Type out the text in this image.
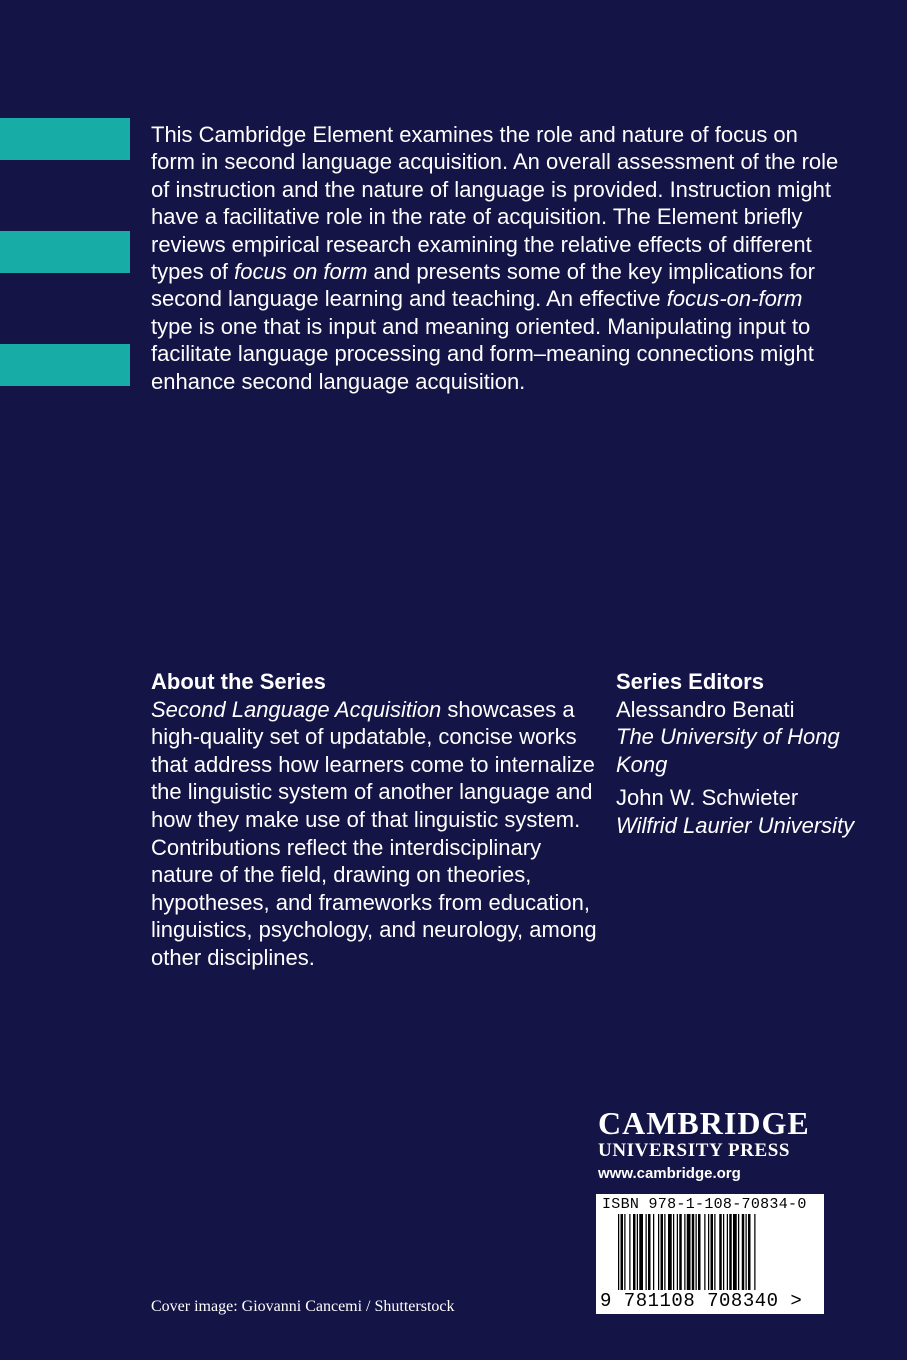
This Cambridge Element examines the role and nature of focus on form in second language acquisition. An overall assessment of the role of instruction and the nature of language is provided. Instruction might have a facilitative role in the rate of acquisition. The Element briefly reviews empirical research examining the relative effects of different types of focus on form and presents some of the key implications for second language learning and teaching. An effective focus-on-form type is one that is input and meaning oriented. Manipulating input to facilitate language processing and form–meaning connections might enhance second language acquisition.

About the Series
Second Language Acquisition showcases a high-quality set of updatable, concise works that address how learners come to internalize the linguistic system of another language and how they make use of that linguistic system. Contributions reflect the interdisciplinary nature of the field, drawing on theories, hypotheses, and frameworks from education, linguistics, psychology, and neurology, among other disciplines.
Series Editors
Alessandro Benati
The University of Hong Kong
John W. Schwieter
Wilfrid Laurier University
CAMBRIDGE
UNIVERSITY PRESS
www.cambridge.org
ISBN 978-1-108-70834-0
9 781108 708340 >
Cover image: Giovanni Cancemi / Shutterstock
